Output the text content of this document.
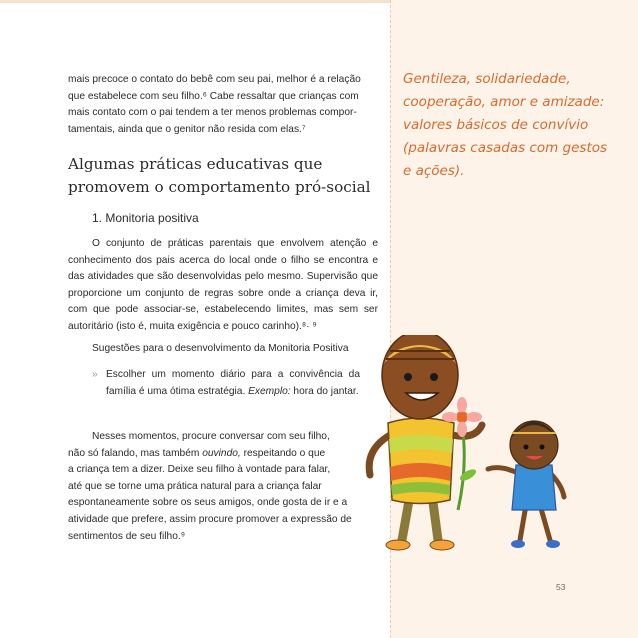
Gentileza, solidariedade, cooperação, amor e amizade: valores básicos de convívio (palavras casadas com gestos e ações).
mais precoce o contato do bebê com seu pai, melhor é a relação
que estabelece com seu filho.⁶ Cabe ressaltar que crianças com
mais contato com o pai tendem a ter menos problemas compor-
tamentais, ainda que o genitor não resida com elas.⁷
Algumas práticas educativas que promovem o comportamento pró-social
1. Monitoria positiva
O conjunto de práticas parentais que envolvem atenção e conhecimento dos pais acerca do local onde o filho se encontra e das atividades que são desenvolvidas pelo mesmo. Supervisão que proporcione um conjunto de regras sobre onde a criança deva ir, com que pode associar-se, estabelecendo limites, mas sem ser autoritário (isto é, muita exigência e pouco carinho).⁸· ⁹
Sugestões para o desenvolvimento da Monitoria Positiva
» Escolher um momento diário para a convivência da família é uma ótima estratégia. Exemplo: hora do jantar.
Nesses momentos, procure conversar com seu filho,
não só falando, mas também ouvindo, respeitando o que
a criança tem a dizer. Deixe seu filho à vontade para falar,
até que se torne uma prática natural para a criança falar
espontaneamente sobre os seus amigos, onde gosta de ir e a
atividade que prefere, assim procure promover a expressão de
sentimentos de seu filho.⁹
53
